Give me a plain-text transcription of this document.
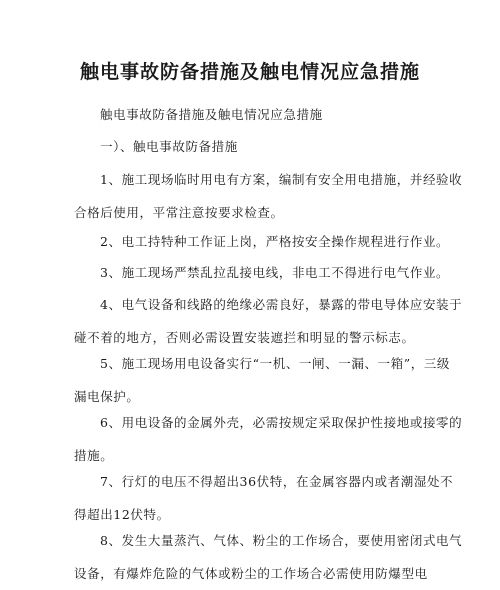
触电事故防备措施及触电情况应急措施
触电事故防备措施及触电情况应急措施
一）、触电事故防备措施
1、施工现场临时用电有方案，编制有安全用电措施，并经验收
合格后使用，平常注意按要求检查。
2、电工持特种工作证上岗，严格按安全操作规程进行作业。
3、施工现场严禁乱拉乱接电线，非电工不得进行电气作业。
4、电气设备和线路的绝缘必需良好，暴露的带电导体应安装于
碰不着的地方，否则必需设置安装遮拦和明显的警示标志。
5、施工现场用电设备实行“一机、一闸、一漏、一箱”，三级
漏电保护。
6、用电设备的金属外壳，必需按规定采取保护性接地或接零的
措施。
7、行灯的电压不得超出36伏特，在金属容器内或者潮湿处不
得超出12伏特。
8、发生大量蒸汽、气体、粉尘的工作场合，要使用密闭式电气
设备，有爆炸危险的气体或粉尘的工作场合必需使用防爆型电
